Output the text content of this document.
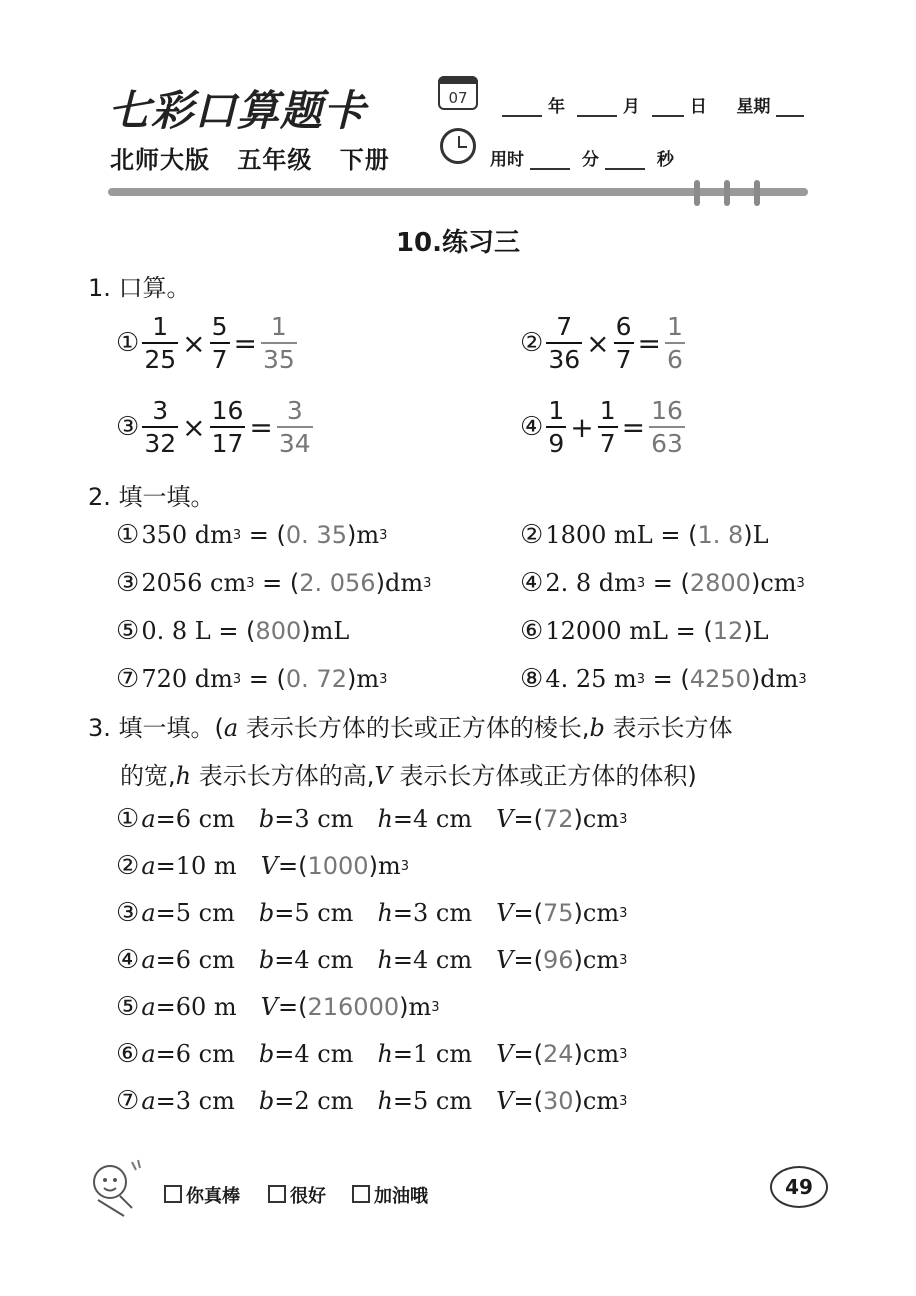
七彩口算题卡
北师大版 五年级 下册
07	年	月	日 星期
用时	分	秒
10.练习三
1. 口算。
① $\frac{1}{25} \times \frac{5}{7} = \frac{1}{35}$	② $\frac{7}{36} \times \frac{6}{7} = \frac{1}{6}$
③ $\frac{3}{32} \times \frac{16}{17} = \frac{3}{34}$	④ $\frac{1}{9} + \frac{1}{7} = \frac{16}{63}$
2. 填一填。
① 350 dm 3 = ( 0. 35 ) m 3	② 1800 mL = ( 1. 8 ) L
③ 2056 cm 3 = ( 2. 056 ) dm 3	④ 2. 8 dm 3 = ( 2800 ) cm 3
⑤ 0. 8 L = ( 800 ) mL	⑥ 12000 mL = ( 12 ) L
⑦ 720 dm 3 = ( 0. 72 ) m 3	⑧ 4. 25 m 3 = ( 4250 ) dm 3
3. 填一填。(a 表示长方体的长或正方体的棱长,b 表示长方体
的宽,h 表示长方体的高,V 表示长方体或正方体的体积)
① a = 6 cm b = 3 cm h = 4 cm V =( 72 ) cm 3
② a = 10 m V =( 1000 ) m 3
③ a = 5 cm b = 5 cm h = 3 cm V =( 75 ) cm 3
④ a = 6 cm b = 4 cm h = 4 cm V =( 96 ) cm 3
⑤ a = 60 m V =( 216000 ) m 3
⑥ a = 6 cm b = 4 cm h = 1 cm V =( 24 ) cm 3
⑦ a = 3 cm b = 2 cm h = 5 cm V =( 30 ) cm 3
你真棒	很好	加油哦	49
